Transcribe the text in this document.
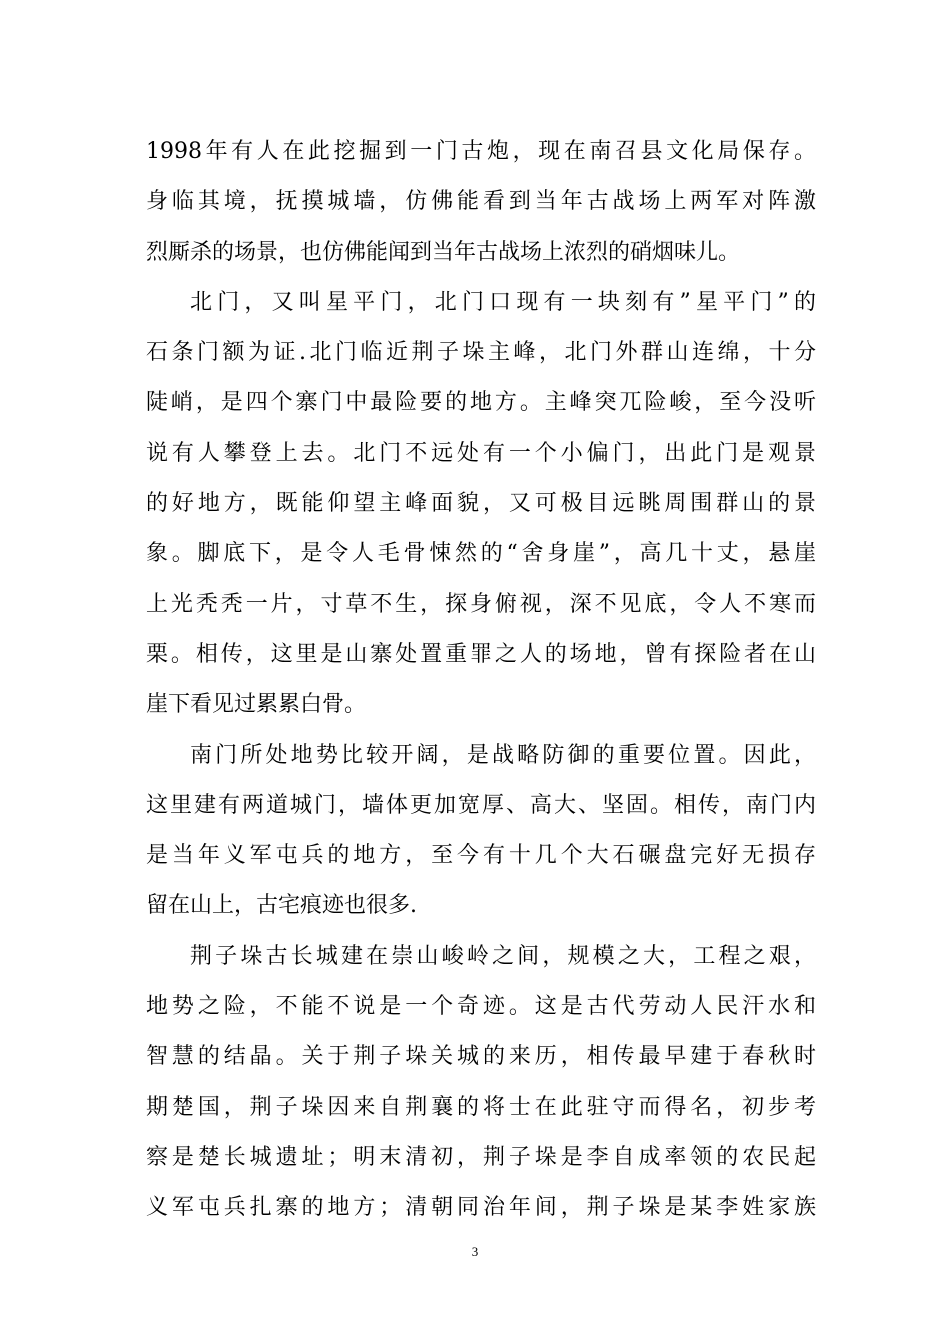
1998年有人在此挖掘到一门古炮，现在南召县文化局保存。
身临其境，抚摸城墙，仿佛能看到当年古战场上两军对阵激
烈厮杀的场景，也仿佛能闻到当年古战场上浓烈的硝烟味儿。
北门，又叫星平门，北门口现有一块刻有”星平门”的
石条门额为证.北门临近荆子垛主峰，北门外群山连绵，十分
陡峭，是四个寨门中最险要的地方。主峰突兀险峻，至今没听
说有人攀登上去。北门不远处有一个小偏门，出此门是观景
的好地方，既能仰望主峰面貌，又可极目远眺周围群山的景
象。脚底下，是令人毛骨悚然的“舍身崖”，高几十丈，悬崖
上光秃秃一片，寸草不生，探身俯视，深不见底，令人不寒而
栗。相传，这里是山寨处置重罪之人的场地，曾有探险者在山
崖下看见过累累白骨。
南门所处地势比较开阔，是战略防御的重要位置。因此，
这里建有两道城门，墙体更加宽厚、高大、坚固。相传，南门内
是当年义军屯兵的地方，至今有十几个大石碾盘完好无损存
留在山上，古宅痕迹也很多.
荆子垛古长城建在崇山峻岭之间，规模之大，工程之艰，
地势之险，不能不说是一个奇迹。这是古代劳动人民汗水和
智慧的结晶。关于荆子垛关城的来历，相传最早建于春秋时
期楚国，荆子垛因来自荆襄的将士在此驻守而得名，初步考
察是楚长城遗址；明末清初，荆子垛是李自成率领的农民起
义军屯兵扎寨的地方；清朝同治年间，荆子垛是某李姓家族
3
